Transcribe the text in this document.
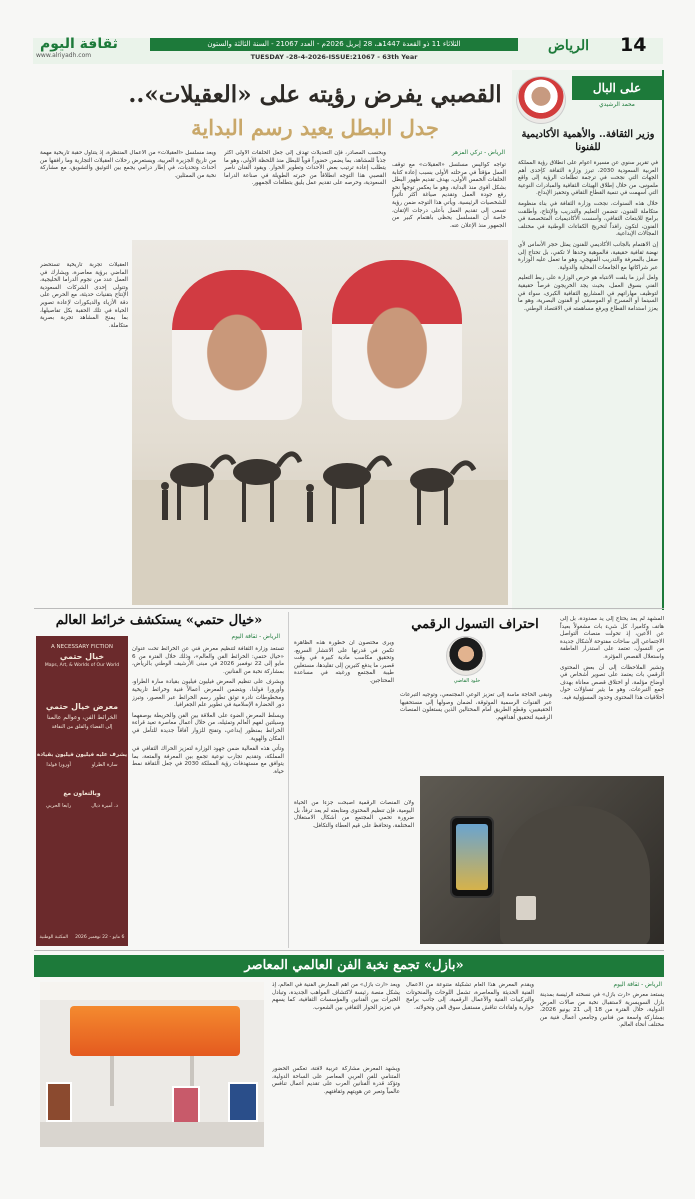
الثلاثاء 11 ذو القعدة 1447هـ، 28 إبريل 2026م - العدد 21067 - السنة الثالثة والستون
TUESDAY -28-4-2026-ISSUE:21067 - 63th Year
www.alriyadh.com
ثقافة اليوم	14
الرياض
القصبي يفرض رؤيته على «العقيلات»..
جدل البطل يعيد رسم البداية
على البال
محمد الرشيدي
وزير الثقافة.. والأهمية الأكاديمية للفنونا

في تقرير سنوي عن مسيرة أعوام على انطلاق رؤية المملكة العربية السعودية 2030، تبرز وزارة الثقافة كإحدى أهم الجهات التي نجحت في ترجمة تطلعات الرؤية إلى واقع ملموس، من خلال إطلاق الهيئات الثقافية والمبادرات النوعية التي أسهمت في تنمية القطاع الثقافي وتحفيز الإبداع.

خلال هذه السنوات، نجحت وزارة الثقافة في بناء منظومة متكاملة للفنون، تتضمن التعليم والتدريب والإنتاج، وأطلقت برامج للابتعاث الثقافي، وأسست الأكاديميات المتخصصة في الفنون، لتكون رافداً لتخريج الكفاءات الوطنية في مختلف المجالات الإبداعية.

إن الاهتمام بالجانب الأكاديمي للفنون يمثل حجر الأساس لأي نهضة ثقافية حقيقية، فالموهبة وحدها لا تكفي، بل تحتاج إلى صقل بالمعرفة والتدريب المنهجي، وهو ما تعمل عليه الوزارة عبر شراكاتها مع الجامعات المحلية والدولية.

ولعل أبرز ما يلفت الانتباه هو حرص الوزارة على ربط التعليم الفني بسوق العمل، بحيث يجد الخريجون فرصاً حقيقية لتوظيف مهاراتهم في المشاريع الثقافية الكبرى، سواء في السينما أو المسرح أو الموسيقى أو الفنون البصرية، وهو ما يعزز استدامة القطاع ويرفع مساهمته في الاقتصاد الوطني.

الرياض - تركي المزهر

تواجه كواليس مسلسل «العقيلات» مع توقف العمل مؤقتاً في مرحلته الأولى بسبب إعادة كتابة الحلقات الخمس الأولى، بهدف تقديم ظهور البطل بشكل أقوى منذ البداية، وهو ما يعكس توجهاً نحو رفع جودة العمل وتقديم صياغة أكثر تأثيراً للشخصيات الرئيسية. ويأتي هذا التوجه ضمن رؤية تسعى إلى تقديم العمل بأعلى درجات الإتقان، خاصة أن المسلسل يحظى باهتمام كبير من الجمهور منذ الإعلان عنه.

وبحسب المصادر، فإن التعديلات تهدف إلى جعل الحلقات الأولى أكثر جذباً للمشاهد، بما يضمن حضوراً قوياً للبطل منذ اللحظة الأولى، وهو ما يتطلب إعادة ترتيب بعض الأحداث وتطوير الحوار. ويقود الفنان ناصر القصبي هذا التوجه انطلاقاً من خبرته الطويلة في صناعة الدراما السعودية، وحرصه على تقديم عمل يليق بتطلعات الجمهور.

ويعد مسلسل «العقيلات» من الأعمال المنتظرة، إذ يتناول حقبة تاريخية مهمة من تاريخ الجزيرة العربية، ويستعرض رحلات العقيلات التجارية وما رافقها من أحداث وتحديات، في إطار درامي يجمع بين التوثيق والتشويق، مع مشاركة نخبة من الممثلين.

العقيلات تجربة تاريخية تستحضر الماضي برؤية معاصرة، ويشارك في العمل عدد من نجوم الدراما الخليجية، وتتولى إحدى الشركات السعودية الإنتاج بتقنيات حديثة، مع الحرص على دقة الأزياء والديكورات لإعادة تصوير الحياة في تلك الحقبة بكل تفاصيلها، بما يمنح المشاهد تجربة بصرية متكاملة.

«خيال حتمي» يستكشف خرائط العالم
الرياض - ثقافة اليوم
A NECESSARY FICTION
خيال حتمي
Maps, Art, & Worlds of Our World
معرض خيال حتمي
الخرائط الفن، وعوالم عالمنا
إلى الفضاء والقلق من النفاقة
يشرف عليه فيليون فيليون بقيادة
سارة الطراو
أورورا فولدا
وبالتعاون مع
د. أميرة ديال
رابعا الحربي
6 مايو - 22 نوفمبر 2026
المكتبة الوطنية

تستعد وزارة الثقافة لتنظيم معرض فني عن الخرائط تحت عنوان «خيال حتمي: الخرائط الفن والعالم»، وذلك خلال الفترة من 6 مايو إلى 22 نوفمبر 2026 في مبنى الأرشيف الوطني بالرياض، بمشاركة نخبة من الفنانين.

ويشرف على تنظيم المعرض فيليون فيليون بقيادة سارة الطراو، وأورورا فولدا، ويتضمن المعرض أعمالاً فنية وخرائط تاريخية ومخطوطات نادرة توثق تطور رسم الخرائط عبر العصور، وتبرز دور الحضارة الإسلامية في تطوير علم الجغرافيا.

ويسلط المعرض الضوء على العلاقة بين الفن والخريطة بوصفهما وسيلتين لفهم العالم وتمثيله، من خلال أعمال معاصرة تعيد قراءة الخرائط بمنظور إبداعي، وتفتح للزوار آفاقاً جديدة للتأمل في المكان والهوية.

وتأتي هذه الفعالية ضمن جهود الوزارة لتعزيز الحراك الثقافي في المملكة، وتقديم تجارب نوعية تجمع بين المعرفة والمتعة، بما يتوافق مع مستهدفات رؤية المملكة 2030 في جعل الثقافة نمط حياة.

احتراف التسول الرقمي
خلود القاضي

المشهد لم يعد يحتاج إلى يد ممدودة، بل إلى هاتف وكاميرا. كل شيء بات مشغولاً بعيداً عن الأعين، إذ تحولت منصات التواصل الاجتماعي إلى ساحات مفتوحة لأشكال جديدة من التسول، تعتمد على استدرار العاطفة واستغلال القصص المؤثرة.

وتشير الملاحظات إلى أن بعض المحتوى الرقمي بات يعتمد على تصوير أشخاص في أوضاع مؤلمة، أو اختلاق قصص معاناة بهدف جمع التبرعات، وهو ما يثير تساؤلات حول أخلاقيات هذا المحتوى وحدود المسؤولية فيه.

ويرى مختصون أن خطورة هذه الظاهرة تكمن في قدرتها على الانتشار السريع، وتحقيق مكاسب مادية كبيرة في وقت قصير، ما يدفع كثيرين إلى تقليدها، مستغلين طيبة المجتمع ورغبته في مساعدة المحتاجين.

وتبقى الحاجة ماسة إلى تعزيز الوعي المجتمعي، وتوجيه التبرعات عبر القنوات الرسمية الموثوقة، لضمان وصولها إلى مستحقيها الحقيقيين، وقطع الطريق أمام المحتالين الذين يستغلون المنصات الرقمية لتحقيق أهدافهم.

ولأن المنصات الرقمية أصبحت جزءاً من الحياة اليومية، فإن تنظيم المحتوى ومتابعته لم يعد ترفاً، بل ضرورة تحمي المجتمع من أشكال الاستغلال المختلفة، وتحافظ على قيم العطاء والتكافل.

«بازل» تجمع نخبة الفن العالمي المعاصر
الرياض - ثقافة اليوم

يستعد معرض «آرت بازل» في نسخته الرئيسة بمدينة بازل السويسرية لاستقبال نخبة من صالات العرض الدولية، خلال الفترة من 18 إلى 21 يونيو 2026، بمشاركة واسعة من فنانين وجامعي أعمال فنية من مختلف أنحاء العالم.

ويقدم المعرض هذا العام تشكيلة متنوعة من الأعمال الفنية الحديثة والمعاصرة، تشمل اللوحات والمنحوتات والتركيبات الفنية والأعمال الرقمية، إلى جانب برامج حوارية ولقاءات تناقش مستقبل سوق الفن وتحولاته.

ويعد «آرت بازل» من أهم المعارض الفنية في العالم، إذ يشكل منصة رئيسة لاكتشاف المواهب الجديدة، وتبادل الخبرات بين الفنانين والمؤسسات الثقافية، كما يسهم في تعزيز الحوار الثقافي بين الشعوب.

ويشهد المعرض مشاركة عربية لافتة، تعكس الحضور المتنامي للفن العربي المعاصر على الساحة الدولية، وتؤكد قدرة الفنانين العرب على تقديم أعمال تنافس عالمياً وتعبر عن هويتهم وثقافتهم.
